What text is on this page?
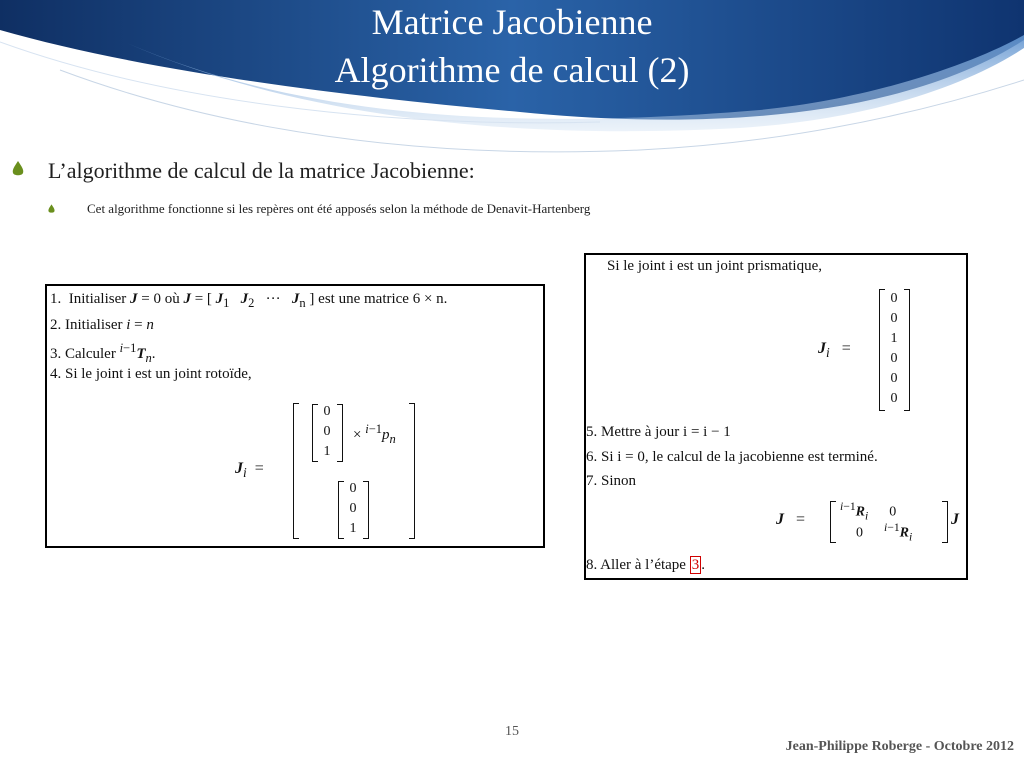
Matrice Jacobienne
Algorithme de calcul (2)
L’algorithme de calcul de la matrice Jacobienne:
Cet algorithme fonctionne si les repères ont été apposés selon la méthode de Denavit-Hartenberg
1. Initialiser J = 0 où J = [ $J_1$ $J_2$   ···   $J_n$ ] est une matrice 6 × n.
2. Initialiser i = n
3. Calculer $^{i-1}T_n$.
4. Si le joint i est un joint rotoïde,
$J_i$  =
0
0
1
× $^{i-1}p_n$
0
0
1
Si le joint i est un joint prismatique,
$J_i$   =
0
0
1
0
0
0
5. Mettre à jour i = i − 1
6. Si i = 0, le calcul de la jacobienne est terminé.
7. Sinon
J   =
$^{i-1}R_i$      0
0      $^{i-1}R_i$
J
8. Aller à l’étape 3 .
15
Jean-Philippe Roberge - Octobre 2012
